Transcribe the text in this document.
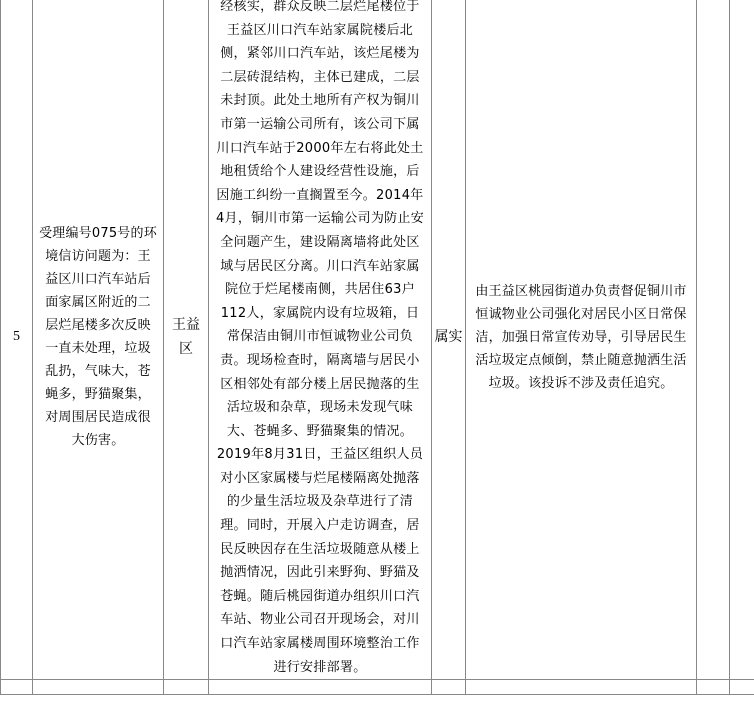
5	受理编号075号的环境信访问题为：王益区川口汽车站后面家属区附近的二层烂尾楼多次反映一直未处理，垃圾乱扔，气味大，苍蝇多，野猫聚集，对周围居民造成很大伤害。	王益区	经核实，群众反映二层烂尾楼位于王益区川口汽车站家属院楼后北侧，紧邻川口汽车站，该烂尾楼为二层砖混结构，主体已建成，二层未封顶。此处土地所有产权为铜川市第一运输公司所有，该公司下属川口汽车站于2000年左右将此处土地租赁给个人建设经营性设施，后因施工纠纷一直搁置至今。2014年4月，铜川市第一运输公司为防止安全问题产生，建设隔离墙将此处区域与居民区分离。川口汽车站家属院位于烂尾楼南侧，共居住63户112人，家属院内设有垃圾箱，日常保洁由铜川市恒诚物业公司负责。现场检查时，隔离墙与居民小区相邻处有部分楼上居民抛落的生活垃圾和杂草，现场未发现气味大、苍蝇多、野猫聚集的情况。2019年8月31日，王益区组织人员对小区家属楼与烂尾楼隔离处抛落的少量生活垃圾及杂草进行了清理。同时，开展入户走访调查，居民反映因存在生活垃圾随意从楼上抛洒情况，因此引来野狗、野猫及苍蝇。随后桃园街道办组织川口汽车站、物业公司召开现场会，对川口汽车站家属楼周围环境整治工作进行安排部署。	属实	由王益区桃园街道办负责督促铜川市恒诚物业公司强化对居民小区日常保洁，加强日常宣传劝导，引导居民生活垃圾定点倾倒，禁止随意抛洒生活垃圾。该投诉不涉及责任追究。		
